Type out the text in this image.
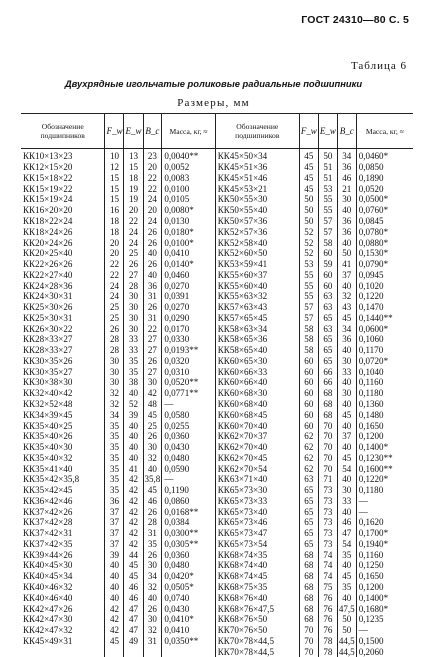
ГОСТ 24310—80 С. 5
Таблица 6
Двухрядные игольчатые роликовые радиальные подшипники
Размеры, мм
Обозначение подшипников	F_w	E_w	B_c	Масса, кг, ≈	Обозначение подшипников	F_w	E_w	B_c	Масса, кг, ≈
КК10×13×23	10	13	23	0,0040**	КК45×50×34	45	50	34	0,0460*
КК12×15×20	12	15	20	0,0052	КК45×51×36	45	51	36	0,0850
КК15×18×22	15	18	22	0,0083	КК45×51×46	45	51	46	0,1890
КК15×19×22	15	19	22	0,0100	КК45×53×21	45	53	21	0,0520
КК15×19×24	15	19	24	0,0105	КК50×55×30	50	55	30	0,0500*
КК16×20×20	16	20	20	0,0080*	КК50×55×40	50	55	40	0,0760*
КК18×22×24	18	22	24	0,0130	КК50×57×36	50	57	36	0,0845
КК18×24×26	18	24	26	0,0180*	КК52×57×36	52	57	36	0,0780*
КК20×24×26	20	24	26	0,0100*	КК52×58×40	52	58	40	0,0880*
КК20×25×40	20	25	40	0,0410	КК52×60×50	52	60	50	0,1530*
КК22×26×26	22	26	26	0,0140*	КК53×59×41	53	59	41	0,0790*
КК22×27×40	22	27	40	0,0460	КК55×60×37	55	60	37	0,0945
КК24×28×36	24	28	36	0,0270	КК55×60×40	55	60	40	0,1020
КК24×30×31	24	30	31	0,0391	КК55×63×32	55	63	32	0,1220
КК25×30×26	25	30	26	0,0270	КК57×63×43	57	63	43	0,1470
КК25×30×31	25	30	31	0,0290	КК57×65×45	57	65	45	0,1440**
КК26×30×22	26	30	22	0,0170	КК58×63×34	58	63	34	0,0600*
КК28×33×27	28	33	27	0,0330	КК58×65×36	58	65	36	0,1060
КК28×33×27	28	33	27	0,0193**	КК58×65×40	58	65	40	0,1170
КК30×35×26	30	35	26	0,0320	КК60×65×30	60	65	30	0,0720*
КК30×35×27	30	35	27	0,0310	КК60×66×33	60	66	33	0,1040
КК30×38×30	30	38	30	0,0520**	КК60×66×40	60	66	40	0,1160
КК32×40×42	32	40	42	0,0771**	КК60×68×30	60	68	30	0,1180
КК32×52×48	32	52	48	—	КК60×68×40	60	68	40	0,1360
КК34×39×45	34	39	45	0,0580	КК60×68×45	60	68	45	0,1480
КК35×40×25	35	40	25	0,0255	КК60×70×40	60	70	40	0,1650
КК35×40×26	35	40	26	0,0360	КК62×70×37	62	70	37	0,1200
КК35×40×30	35	40	30	0,0430	КК62×70×40	62	70	40	0,1400*
КК35×40×32	35	40	32	0,0480	КК62×70×45	62	70	45	0,1230**
КК35×41×40	35	41	40	0,0590	КК62×70×54	62	70	54	0,1600**
КК35×42×35,8	35	42	35,8	—	КК63×71×40	63	71	40	0,1220*
КК35×42×45	35	42	45	0,1190	КК65×73×30	65	73	30	0,1180
КК36×42×46	36	42	46	0,0860	КК65×73×33	65	73	33	—
КК37×42×26	37	42	26	0,0168**	КК65×73×40	65	73	40	—
КК37×42×28	37	42	28	0,0384	КК65×73×46	65	73	46	0,1620
КК37×42×31	37	42	31	0,0300**	КК65×73×47	65	73	47	0,1700*
КК37×42×35	37	42	35	0,0305**	КК65×73×54	65	73	54	0,1940*
КК39×44×26	39	44	26	0,0360	КК68×74×35	68	74	35	0,1160
КК40×45×30	40	45	30	0,0480	КК68×74×40	68	74	40	0,1250
КК40×45×34	40	45	34	0,0420*	КК68×74×45	68	74	45	0,1650
КК40×46×32	40	46	32	0,0505*	КК68×75×35	68	75	35	0,1200
КК40×46×40	40	46	40	0,0740	КК68×76×40	68	76	40	0,1400*
КК42×47×26	42	47	26	0,0430	КК68×76×47,5	68	76	47,5	0,1680*
КК42×47×30	42	47	30	0,0410*	КК68×76×50	68	76	50	0,1235
КК42×47×32	42	47	32	0,0410	КК70×76×50	70	76	50	—
КК45×49×31	45	49	31	0,0350**	КК70×78×44,5	70	78	44,5	0,1500
					КК70×78×44,5	70	78	44,5	0,2060
